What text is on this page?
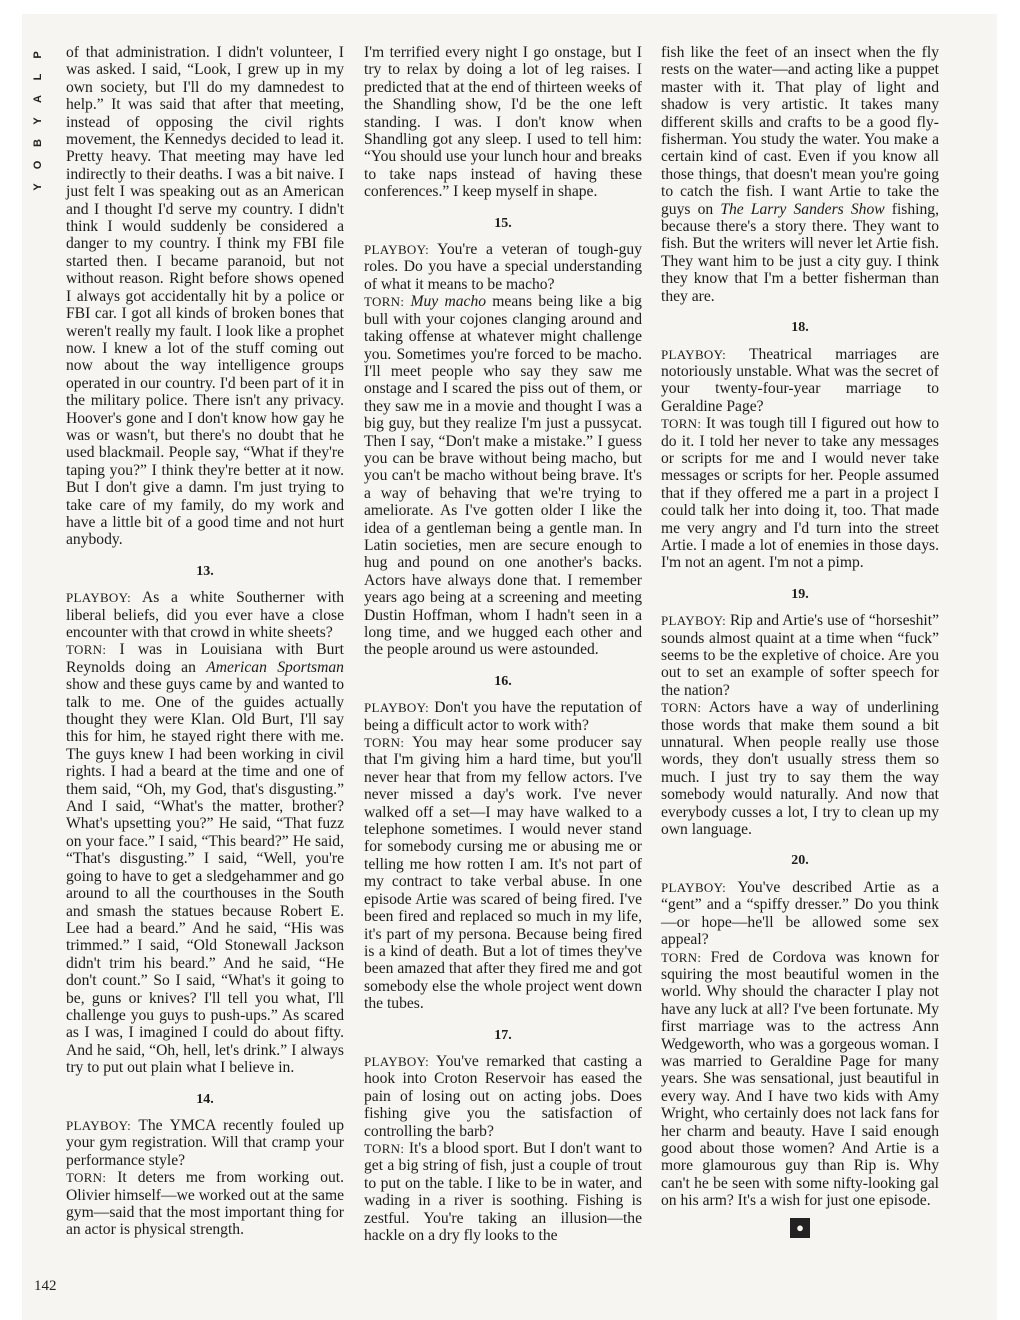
P
L
A
Y
B
O
Y
142

of that administration. I didn't volunteer, I was asked. I said, “Look, I grew up in my own society, but I'll do my damnedest to help.” It was said that after that meeting, instead of opposing the civil rights movement, the Kennedys decided to lead it. Pretty heavy. That meeting may have led indirectly to their deaths. I was a bit naive. I just felt I was speaking out as an American and I thought I'd serve my country. I didn't think I would suddenly be considered a danger to my country. I think my FBI file started then. I became paranoid, but not without reason. Right before shows opened I always got accidentally hit by a police or FBI car. I got all kinds of broken bones that weren't really my fault. I look like a prophet now. I knew a lot of the stuff coming out now about the way intelligence groups operated in our country. I'd been part of it in the military police. There isn't any privacy. Hoover's gone and I don't know how gay he was or wasn't, but there's no doubt that he used blackmail. People say, “What if they're taping you?” I think they're better at it now. But I don't give a damn. I'm just trying to take care of my family, do my work and have a little bit of a good time and not hurt anybody.

13.

PLAYBOY: As a white Southerner with liberal beliefs, did you ever have a close encounter with that crowd in white sheets?

TORN: I was in Louisiana with Burt Reynolds doing an American Sportsman show and these guys came by and wanted to talk to me. One of the guides actually thought they were Klan. Old Burt, I'll say this for him, he stayed right there with me. The guys knew I had been working in civil rights. I had a beard at the time and one of them said, “Oh, my God, that's disgusting.” And I said, “What's the matter, brother? What's upsetting you?” He said, “That fuzz on your face.” I said, “This beard?” He said, “That's disgusting.” I said, “Well, you're going to have to get a sledgehammer and go around to all the courthouses in the South and smash the statues because Robert E. Lee had a beard.” And he said, “His was trimmed.” I said, “Old Stonewall Jackson didn't trim his beard.” And he said, “He don't count.” So I said, “What's it going to be, guns or knives? I'll tell you what, I'll challenge you guys to push-ups.” As scared as I was, I imagined I could do about fifty. And he said, “Oh, hell, let's drink.” I always try to put out plain what I believe in.

14.

PLAYBOY: The YMCA recently fouled up your gym registration. Will that cramp your performance style?

TORN: It deters me from working out. Olivier himself—we worked out at the same gym—said that the most important thing for an actor is physical strength.

I'm terrified every night I go onstage, but I try to relax by doing a lot of leg raises. I predicted that at the end of thirteen weeks of the Shandling show, I'd be the one left standing. I was. I don't know when Shandling got any sleep. I used to tell him: “You should use your lunch hour and breaks to take naps instead of having these conferences.” I keep myself in shape.

15.

PLAYBOY: You're a veteran of tough-guy roles. Do you have a special understanding of what it means to be macho?

TORN: Muy macho means being like a big bull with your cojones clanging around and taking offense at whatever might challenge you. Sometimes you're forced to be macho. I'll meet people who say they saw me onstage and I scared the piss out of them, or they saw me in a movie and thought I was a big guy, but they realize I'm just a pussycat. Then I say, “Don't make a mistake.” I guess you can be brave without being macho, but you can't be macho without being brave. It's a way of behaving that we're trying to ameliorate. As I've gotten older I like the idea of a gentleman being a gentle man. In Latin societies, men are secure enough to hug and pound on one another's backs. Actors have always done that. I remember years ago being at a screening and meeting Dustin Hoffman, whom I hadn't seen in a long time, and we hugged each other and the people around us were astounded.

16.

PLAYBOY: Don't you have the reputation of being a difficult actor to work with?

TORN: You may hear some producer say that I'm giving him a hard time, but you'll never hear that from my fellow actors. I've never missed a day's work. I've never walked off a set—I may have walked to a telephone sometimes. I would never stand for somebody cursing me or abusing me or telling me how rotten I am. It's not part of my contract to take verbal abuse. In one episode Artie was scared of being fired. I've been fired and replaced so much in my life, it's part of my persona. Because being fired is a kind of death. But a lot of times they've been amazed that after they fired me and got somebody else the whole project went down the tubes.

17.

PLAYBOY: You've remarked that casting a hook into Croton Reservoir has eased the pain of losing out on acting jobs. Does fishing give you the satisfaction of controlling the barb?

TORN: It's a blood sport. But I don't want to get a big string of fish, just a couple of trout to put on the table. I like to be in water, and wading in a river is soothing. Fishing is zestful. You're taking an illusion—the hackle on a dry fly looks to the

fish like the feet of an insect when the fly rests on the water—and acting like a puppet master with it. That play of light and shadow is very artistic. It takes many different skills and crafts to be a good fly-fisherman. You study the water. You make a certain kind of cast. Even if you know all those things, that doesn't mean you're going to catch the fish. I want Artie to take the guys on The Larry Sanders Show fishing, because there's a story there. They want to fish. But the writers will never let Artie fish. They want him to be just a city guy. I think they know that I'm a better fisherman than they are.

18.

PLAYBOY: Theatrical marriages are notoriously unstable. What was the secret of your twenty-four-year marriage to Geraldine Page?

TORN: It was tough till I figured out how to do it. I told her never to take any messages or scripts for me and I would never take messages or scripts for her. People assumed that if they offered me a part in a project I could talk her into doing it, too. That made me very angry and I'd turn into the street Artie. I made a lot of enemies in those days. I'm not an agent. I'm not a pimp.

19.

PLAYBOY: Rip and Artie's use of “horseshit” sounds almost quaint at a time when “fuck” seems to be the expletive of choice. Are you out to set an example of softer speech for the nation?

TORN: Actors have a way of underlining those words that make them sound a bit unnatural. When people really use those words, they don't usually stress them so much. I just try to say them the way somebody would naturally. And now that everybody cusses a lot, I try to clean up my own language.

20.

PLAYBOY: You've described Artie as a “gent” and a “spiffy dresser.” Do you think—or hope—he'll be allowed some sex appeal?

TORN: Fred de Cordova was known for squiring the most beautiful women in the world. Why should the character I play not have any luck at all? I've been fortunate. My first marriage was to the actress Ann Wedgeworth, who was a gorgeous woman. I was married to Geraldine Page for many years. She was sensational, just beautiful in every way. And I have two kids with Amy Wright, who certainly does not lack fans for her charm and beauty. Have I said enough good about those women? And Artie is a more glamourous guy than Rip is. Why can't he be seen with some nifty-looking gal on his arm? It's a wish for just one episode.

●
